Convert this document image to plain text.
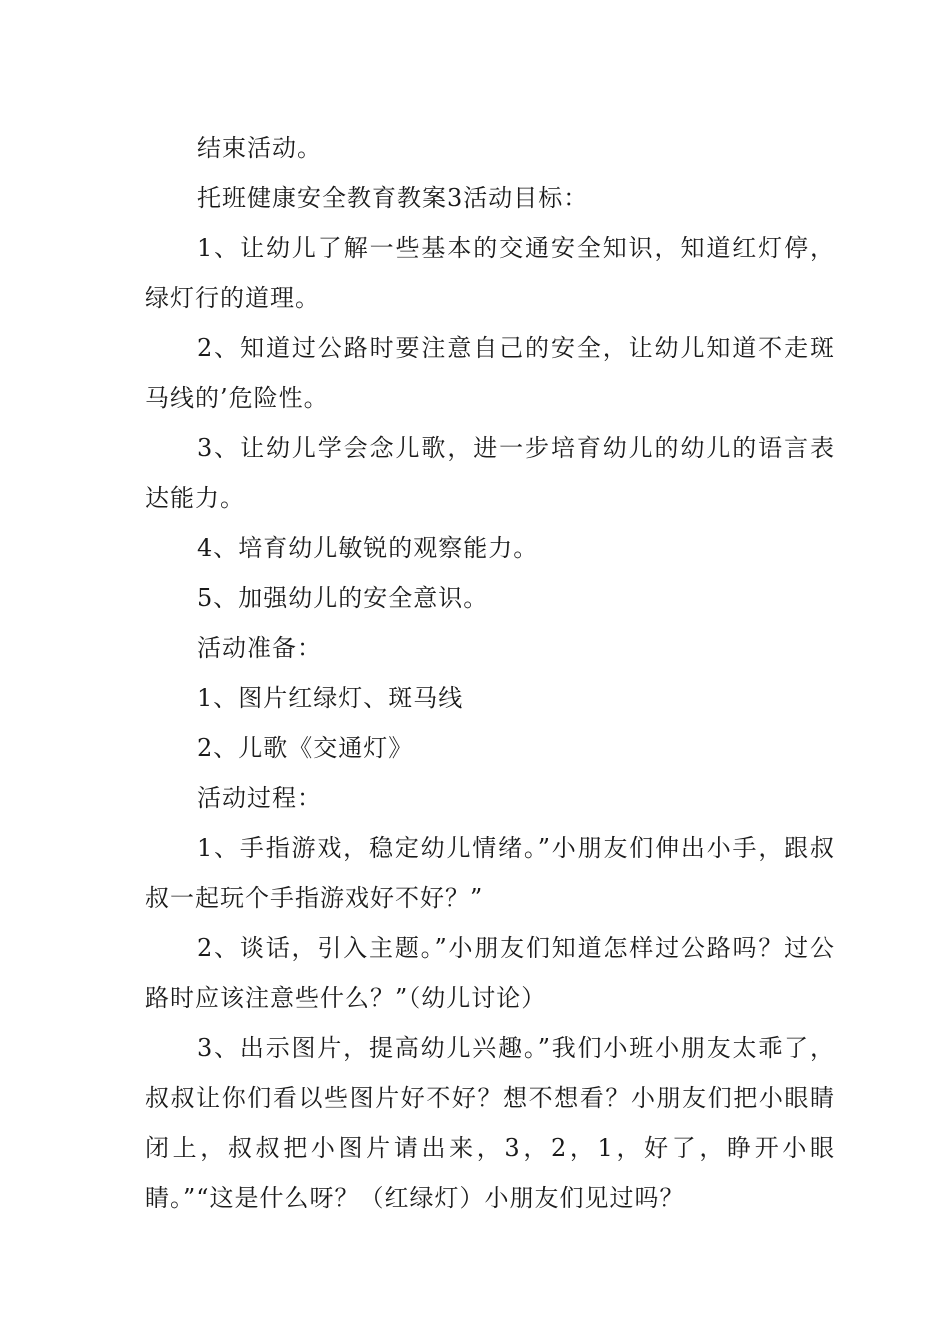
结束活动。

托班健康安全教育教案3活动目标：

1、让幼儿了解一些基本的交通安全知识，知道红灯停，绿灯行的道理。

2、知道过公路时要注意自己的安全，让幼儿知道不走斑马线的’危险性。

3、让幼儿学会念儿歌，进一步培育幼儿的幼儿的语言表达能力。

4、培育幼儿敏锐的观察能力。

5、加强幼儿的安全意识。

活动准备：

1、图片红绿灯、斑马线

2、儿歌《交通灯》

活动过程：

1、手指游戏，稳定幼儿情绪。”小朋友们伸出小手，跟叔叔一起玩个手指游戏好不好？”

2、谈话，引入主题。”小朋友们知道怎样过公路吗？过公路时应该注意些什么？”（幼儿讨论）

3、出示图片，提高幼儿兴趣。”我们小班小朋友太乖了，叔叔让你们看以些图片好不好？想不想看？小朋友们把小眼睛闭上，叔叔把小图片请出来，3，2，1，好了，睁开小眼睛。”“这是什么呀？（红绿灯）小朋友们见过吗？
